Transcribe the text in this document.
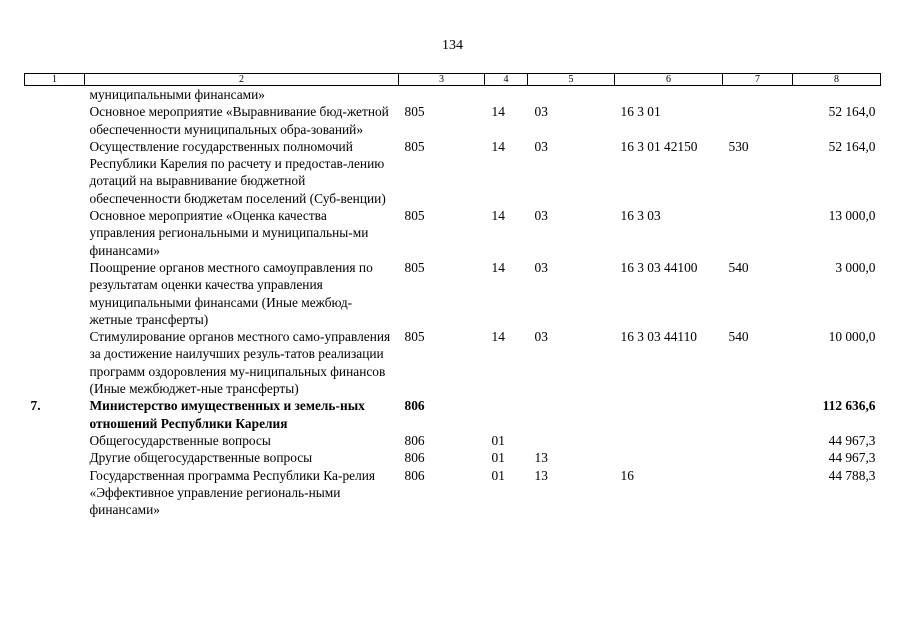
134
1	2	3	4	5	6	7	8
	муниципальными финансами»						
	Основное мероприятие «Выравнивание бюд-жетной обеспеченности муниципальных обра-зований»	805	14	03	16 3 01		52 164,0
	Осуществление государственных полномочий Республики Карелия по расчету и предостав-лению дотаций на выравнивание бюджетной обеспеченности бюджетам поселений (Суб-венции)	805	14	03	16 3 01 42150	530	52 164,0
	Основное мероприятие «Оценка качества управления региональными и муниципальны-ми финансами»	805	14	03	16 3 03		13 000,0
	Поощрение органов местного самоуправления по результатам оценки качества управления муниципальными финансами (Иные межбюд-жетные трансферты)	805	14	03	16 3 03 44100	540	3 000,0
	Стимулирование органов местного само-управления за достижение наилучших резуль-татов реализации программ оздоровления му-ниципальных финансов (Иные межбюджет-ные трансферты)	805	14	03	16 3 03 44110	540	10 000,0
7.	Министерство имущественных и земель-ных отношений Республики Карелия	806					112 636,6
	Общегосударственные вопросы	806	01				44 967,3
	Другие общегосударственные вопросы	806	01	13			44 967,3
	Государственная программа Республики Ка-релия «Эффективное управление региональ-ными финансами»	806	01	13	16		44 788,3
